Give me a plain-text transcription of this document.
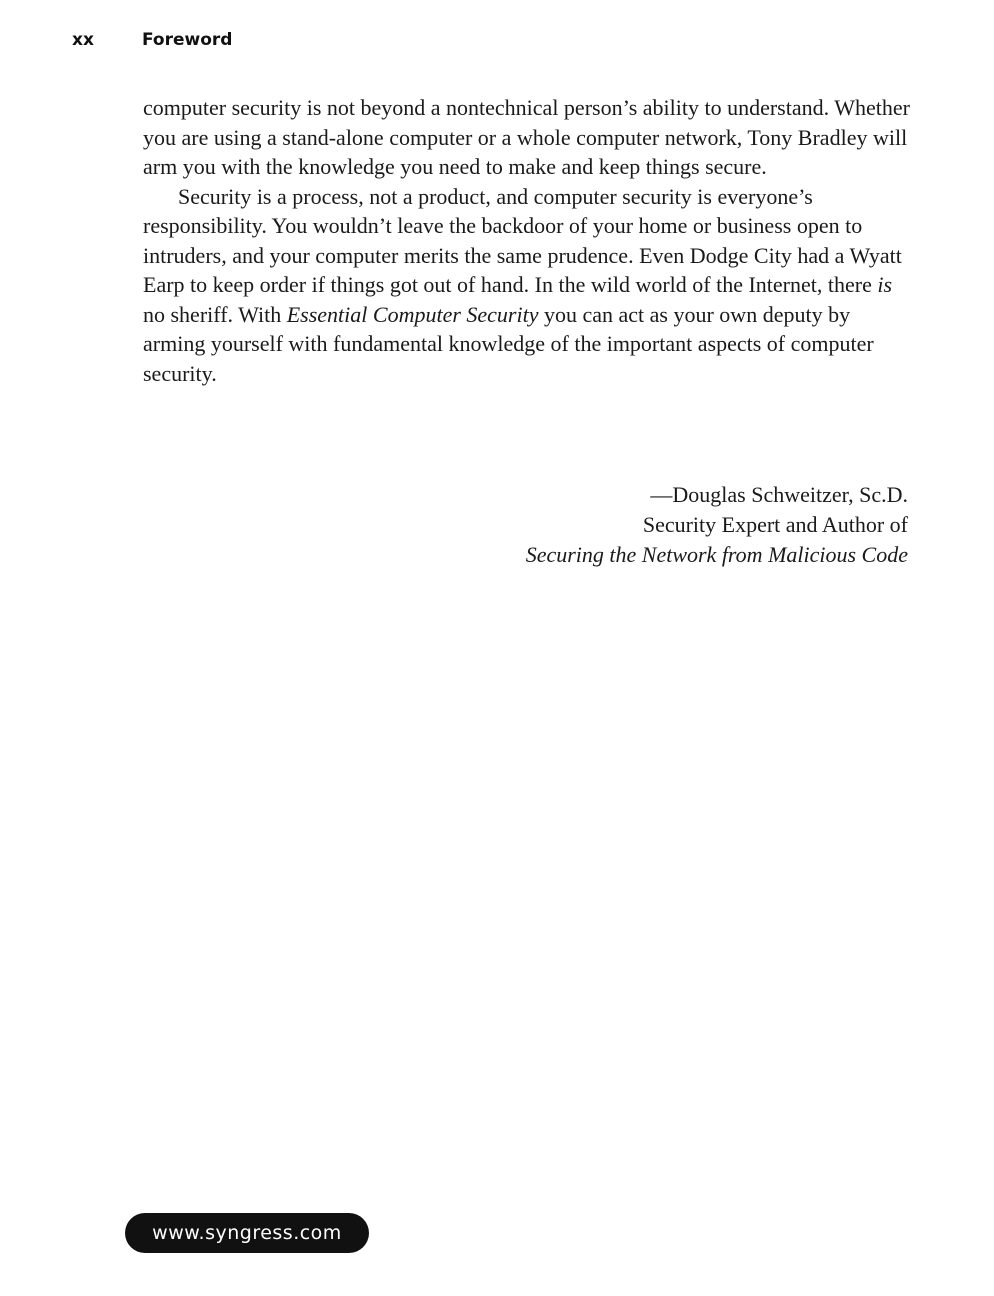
xx	Foreword

computer security is not beyond a nontechnical person’s ability to understand. Whether you are using a stand-alone computer or a whole computer network, Tony Bradley will arm you with the knowledge you need to make and keep things secure.

Security is a process, not a product, and computer security is everyone’s responsibility. You wouldn’t leave the backdoor of your home or business open to intruders, and your computer merits the same prudence. Even Dodge City had a Wyatt Earp to keep order if things got out of hand. In the wild world of the Internet, there is no sheriff. With Essential Computer Security you can act as your own deputy by arming yourself with fundamental knowledge of the important aspects of computer security.

—Douglas Schweitzer, Sc.D.
Security Expert and Author of
Securing the Network from Malicious Code
www.syngress.com
